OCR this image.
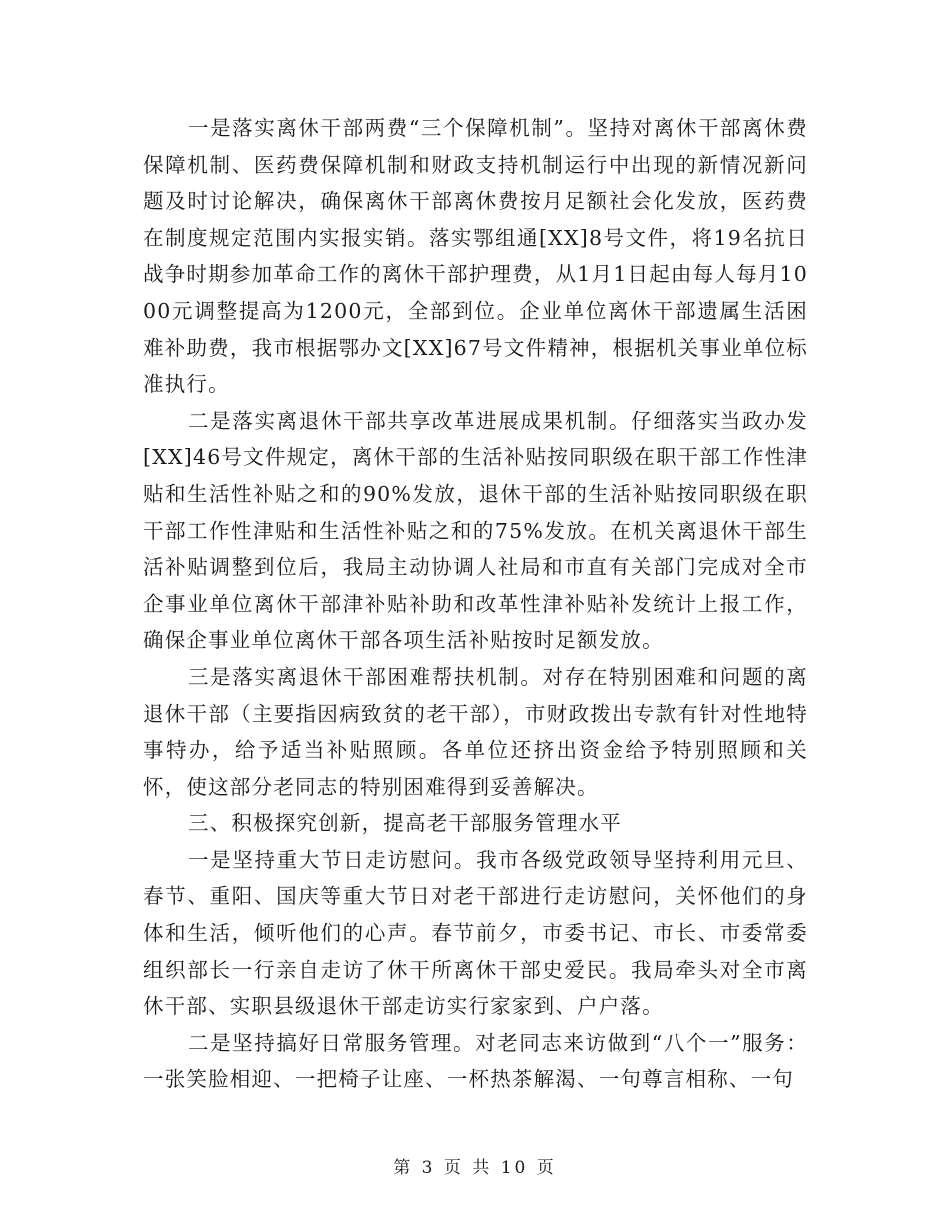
一是落实离休干部两费“三个保障机制”。坚持对离休干部离休费保障机制、医药费保障机制和财政支持机制运行中出现的新情况新问题及时讨论解决，确保离休干部离休费按月足额社会化发放，医药费在制度规定范围内实报实销。落实鄂组通[XX]8号文件，将19名抗日战争时期参加革命工作的离休干部护理费，从1月1日起由每人每月1000元调整提高为1200元，全部到位。企业单位离休干部遗属生活困难补助费，我市根据鄂办文[XX]67号文件精神，根据机关事业单位标准执行。

二是落实离退休干部共享改革进展成果机制。仔细落实当政办发[XX]46号文件规定，离休干部的生活补贴按同职级在职干部工作性津贴和生活性补贴之和的90%发放，退休干部的生活补贴按同职级在职干部工作性津贴和生活性补贴之和的75%发放。在机关离退休干部生活补贴调整到位后，我局主动协调人社局和市直有关部门完成对全市企事业单位离休干部津补贴补助和改革性津补贴补发统计上报工作，确保企事业单位离休干部各项生活补贴按时足额发放。

三是落实离退休干部困难帮扶机制。对存在特别困难和问题的离退休干部（主要指因病致贫的老干部），市财政拨出专款有针对性地特事特办，给予适当补贴照顾。各单位还挤出资金给予特别照顾和关怀，使这部分老同志的特别困难得到妥善解决。

三、积极探究创新，提高老干部服务管理水平

一是坚持重大节日走访慰问。我市各级党政领导坚持利用元旦、春节、重阳、国庆等重大节日对老干部进行走访慰问，关怀他们的身体和生活，倾听他们的心声。春节前夕，市委书记、市长、市委常委组织部长一行亲自走访了休干所离休干部史爱民。我局牵头对全市离休干部、实职县级退休干部走访实行家家到、户户落。

二是坚持搞好日常服务管理。对老同志来访做到“八个一”服务：一张笑脸相迎、一把椅子让座、一杯热茶解渴、一句尊言相称、一句

第 3 页 共 10 页
